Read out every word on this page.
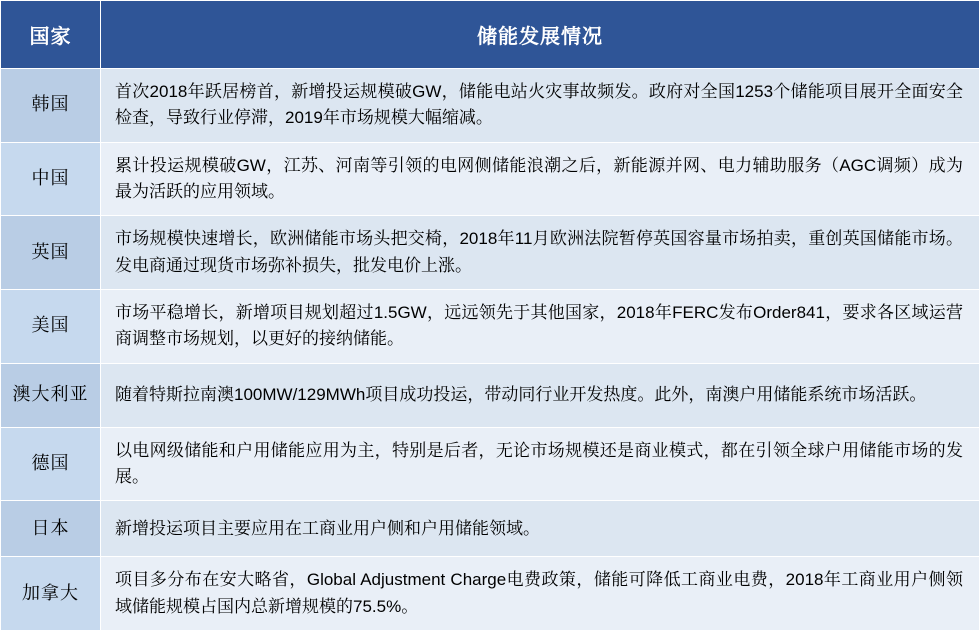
国家	储能发展情况
韩国	首次2018年跃居榜首，新增投运规模破GW，储能电站火灾事故频发。政府对全国1253个储能项目展开全面安全检查，导致行业停滞，2019年市场规模大幅缩减。
中国	累计投运规模破GW，江苏、河南等引领的电网侧储能浪潮之后，新能源并网、电力辅助服务（AGC调频）成为最为活跃的应用领域。
英国	市场规模快速增长，欧洲储能市场头把交椅，2018年11月欧洲法院暂停英国容量市场拍卖，重创英国储能市场。发电商通过现货市场弥补损失，批发电价上涨。
美国	市场平稳增长，新增项目规划超过1.5GW，远远领先于其他国家，2018年FERC发布Order841，要求各区域运营商调整市场规划，以更好的接纳储能。
澳大利亚	随着特斯拉南澳100MW/129MWh项目成功投运，带动同行业开发热度。此外，南澳户用储能系统市场活跃。
德国	以电网级储能和户用储能应用为主，特别是后者，无论市场规模还是商业模式，都在引领全球户用储能市场的发展。
日本	新增投运项目主要应用在工商业用户侧和户用储能领域。
加拿大	项目多分布在安大略省，Global Adjustment Charge电费政策，储能可降低工商业电费，2018年工商业用户侧领域储能规模占国内总新增规模的75.5%。
